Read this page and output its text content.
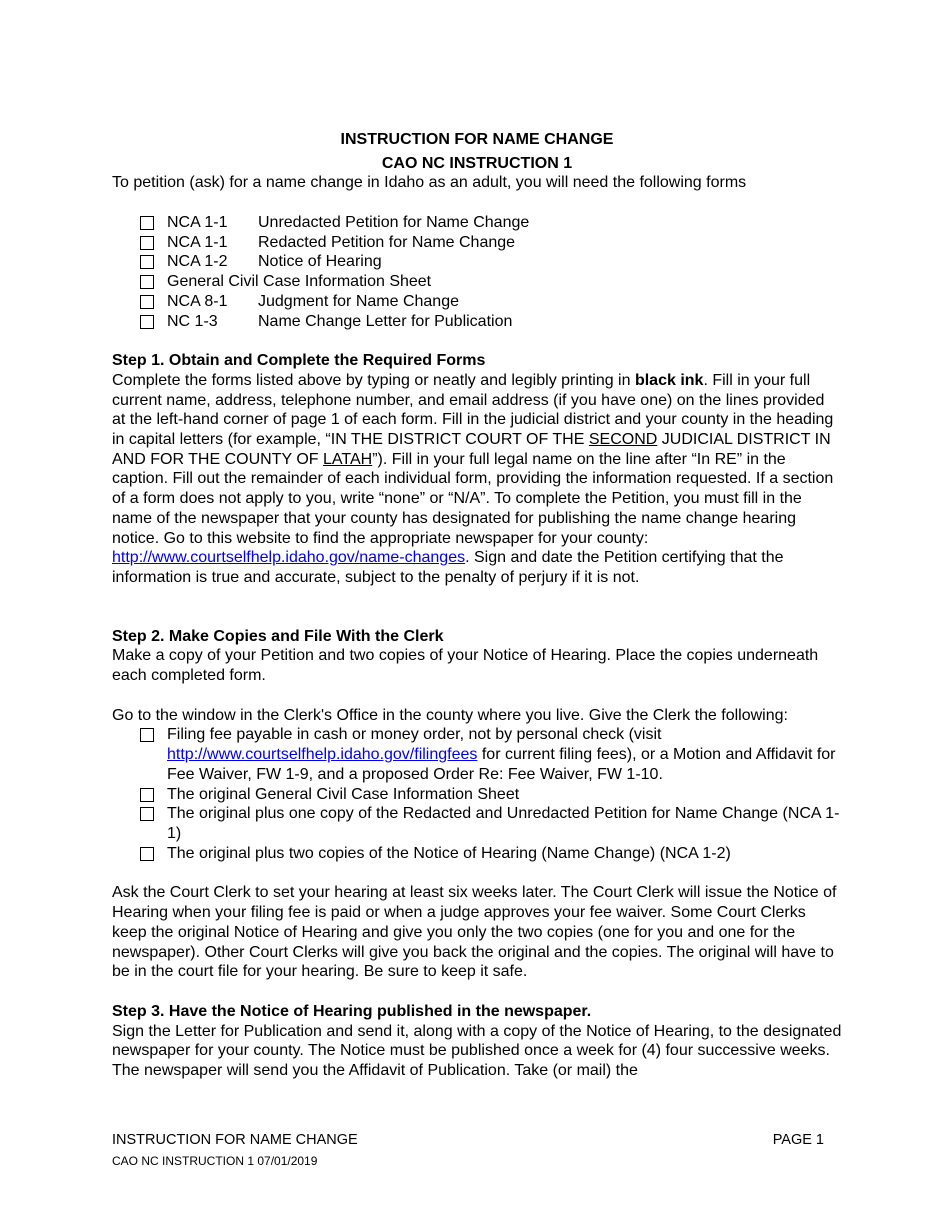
INSTRUCTION FOR NAME CHANGE

CAO NC INSTRUCTION 1

To petition (ask) for a name change in Idaho as an adult, you will need the following forms

NCA 1-1	Unredacted Petition for Name Change
NCA 1-1	Redacted Petition for Name Change
NCA 1-2	Notice of Hearing
General Civil Case Information Sheet
NCA 8-1	Judgment for Name Change
NC 1-3	Name Change Letter for Publication

Step 1. Obtain and Complete the Required Forms

Complete the forms listed above by typing or neatly and legibly printing in black ink. Fill in your full current name, address, telephone number, and email address (if you have one) on the lines provided at the left-hand corner of page 1 of each form. Fill in the judicial district and your county in the heading in capital letters (for example, “IN THE DISTRICT COURT OF THE SECOND JUDICIAL DISTRICT IN AND FOR THE COUNTY OF LATAH”). Fill in your full legal name on the line after “In RE” in the caption. Fill out the remainder of each individual form, providing the information requested. If a section of a form does not apply to you, write “none” or “N/A”. To complete the Petition, you must fill in the name of the newspaper that your county has designated for publishing the name change hearing notice. Go to this website to find the appropriate newspaper for your county: http://www.courtselfhelp.idaho.gov/name-changes. Sign and date the Petition certifying that the information is true and accurate, subject to the penalty of perjury if it is not.

Step 2. Make Copies and File With the Clerk

Make a copy of your Petition and two copies of your Notice of Hearing. Place the copies underneath each completed form.

Go to the window in the Clerk's Office in the county where you live. Give the Clerk the following:

Filing fee payable in cash or money order, not by personal check (visit http://www.courtselfhelp.idaho.gov/filingfees for current filing fees), or a Motion and Affidavit for Fee Waiver, FW 1-9, and a proposed Order Re: Fee Waiver, FW 1-10.
The original General Civil Case Information Sheet
The original plus one copy of the Redacted and Unredacted Petition for Name Change (NCA 1-1)
The original plus two copies of the Notice of Hearing (Name Change) (NCA 1-2)

Ask the Court Clerk to set your hearing at least six weeks later. The Court Clerk will issue the Notice of Hearing when your filing fee is paid or when a judge approves your fee waiver. Some Court Clerks keep the original Notice of Hearing and give you only the two copies (one for you and one for the newspaper). Other Court Clerks will give you back the original and the copies. The original will have to be in the court file for your hearing. Be sure to keep it safe.

Step 3. Have the Notice of Hearing published in the newspaper.

Sign the Letter for Publication and send it, along with a copy of the Notice of Hearing, to the designated newspaper for your county. The Notice must be published once a week for (4) four successive weeks. The newspaper will send you the Affidavit of Publication. Take (or mail) the

INSTRUCTION FOR NAME CHANGE	PAGE 1
CAO NC INSTRUCTION 1 07/01/2019
